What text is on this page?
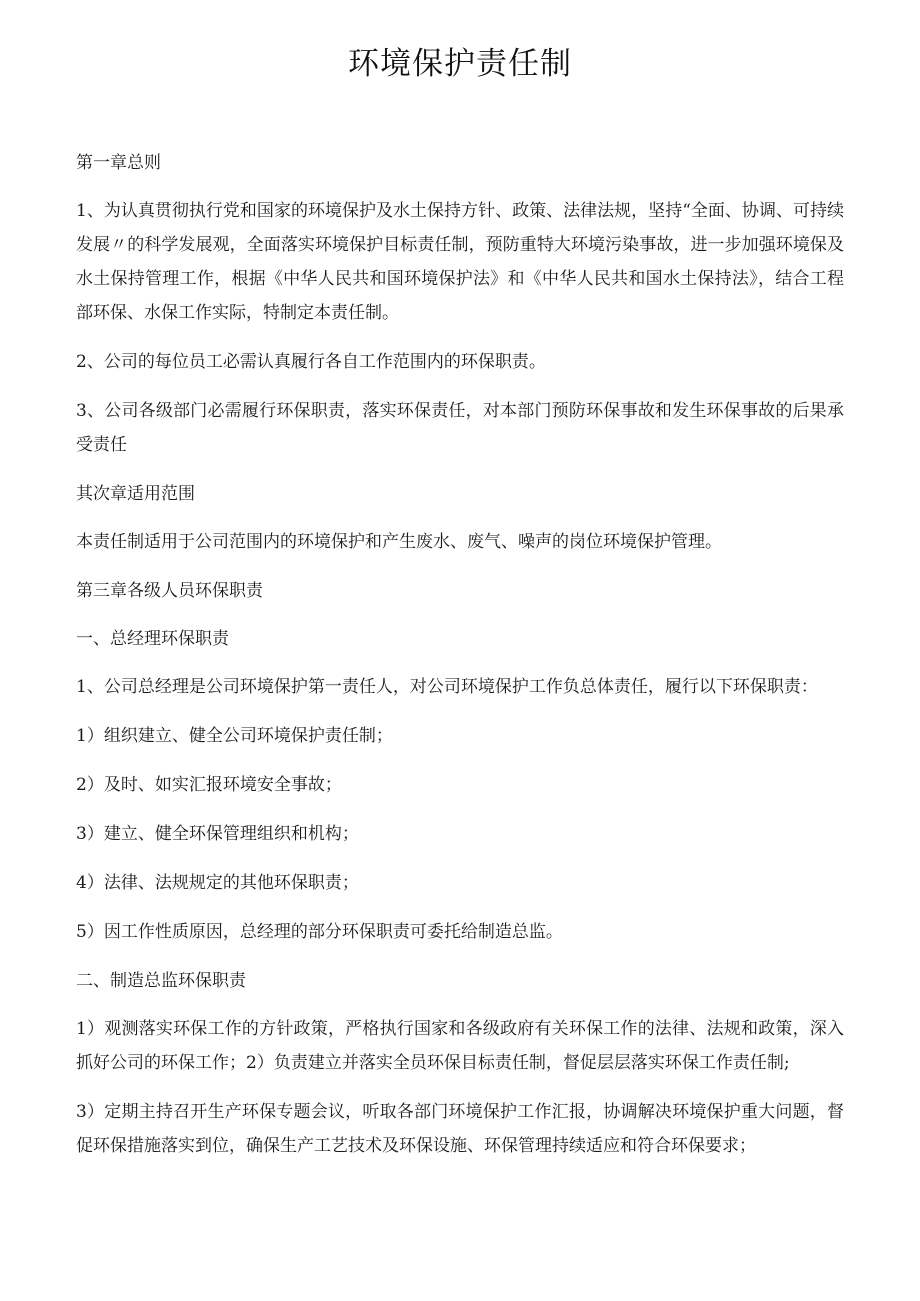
环境保护责任制

第一章总则

1、为认真贯彻执行党和国家的环境保护及水土保持方针、政策、法律法规，坚持“全面、协调、可持续发展〃的科学发展观，全面落实环境保护目标责任制，预防重特大环境污染事故，进一步加强环境保及水土保持管理工作，根据《中华人民共和国环境保护法》和《中华人民共和国水土保持法》，结合工程部环保、水保工作实际，特制定本责任制。

2、公司的每位员工必需认真履行各自工作范围内的环保职责。

3、公司各级部门必需履行环保职责，落实环保责任，对本部门预防环保事故和发生环保事故的后果承受责任

其次章适用范围

本责任制适用于公司范围内的环境保护和产生废水、废气、噪声的岗位环境保护管理。

第三章各级人员环保职责

一、总经理环保职责

1、公司总经理是公司环境保护第一责任人，对公司环境保护工作负总体责任，履行以下环保职责：

1）组织建立、健全公司环境保护责任制；

2）及时、如实汇报环境安全事故；

3）建立、健全环保管理组织和机构；

4）法律、法规规定的其他环保职责；

5）因工作性质原因，总经理的部分环保职责可委托给制造总监。

二、制造总监环保职责

1）观测落实环保工作的方针政策，严格执行国家和各级政府有关环保工作的法律、法规和政策，深入抓好公司的环保工作；2）负责建立并落实全员环保目标责任制，督促层层落实环保工作责任制;

3）定期主持召开生产环保专题会议，听取各部门环境保护工作汇报，协调解决环境保护重大问题，督促环保措施落实到位，确保生产工艺技术及环保设施、环保管理持续适应和符合环保要求；
